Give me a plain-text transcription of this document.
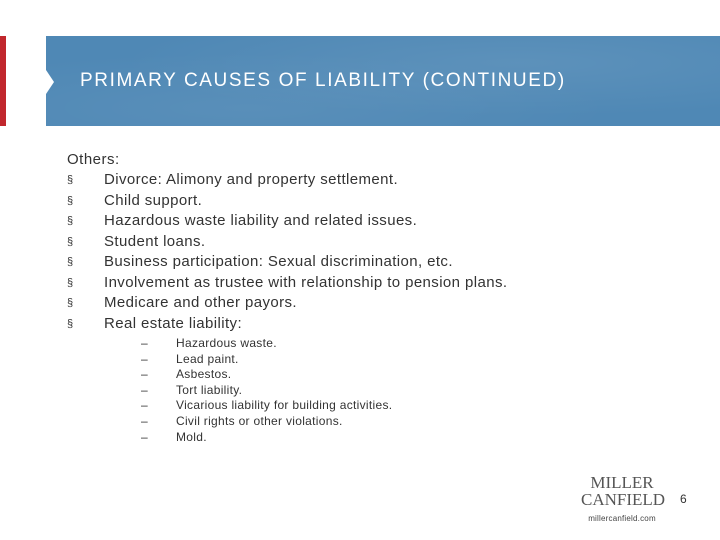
PRIMARY CAUSES OF LIABILITY (CONTINUED)

Others:

§ Divorce: Alimony and property settlement.
§ Child support.
§ Hazardous waste liability and related issues.
§ Student loans.
§ Business participation: Sexual discrimination, etc.
§ Involvement as trustee with relationship to pension plans.
§ Medicare and other payors.
§ Real estate liability:
– Hazardous waste.
– Lead paint.
– Asbestos.
– Tort liability.
– Vicarious liability for building activities.
– Civil rights or other violations.
– Mold.
MILLER
CANFIELD
millercanfield.com
6
